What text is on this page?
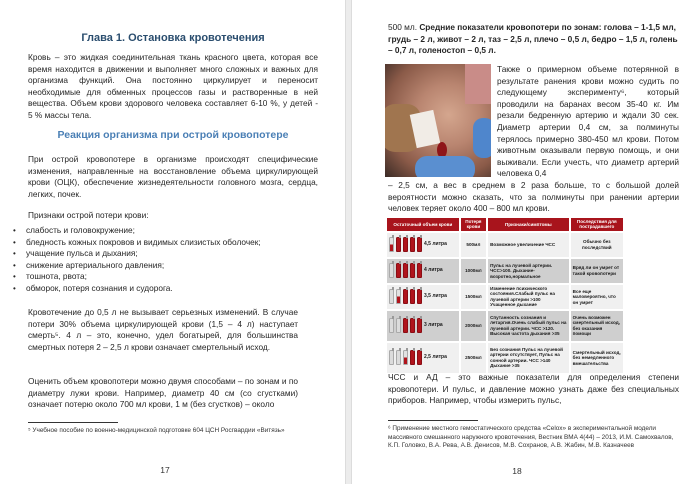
Глава 1. Остановка кровотечения
Кровь – это жидкая соединительная ткань красного цвета, которая все время находится в движении и выполняет много сложных и важных для организма функций. Она постоянно циркулирует и переносит необходимые для обменных процессов газы и растворенные в ней вещества. Объем крови здорового человека составляет 6-10 %, у детей - 5 % массы тела.
Реакция организма при острой кровопотере
При острой кровопотере в организме происходят специфические изменения, направленные на восстановление объема циркулирующей крови (ОЦК), обеспечение жизнедеятельности головного мозга, сердца, легких, почек.
Признаки острой потери крови:
• слабость и головокружение;
• бледность кожных покровов и видимых слизистых оболочек;
• учащение пульса и дыхания;
• снижение артериального давления;
• тошнота, рвота;
• обморок, потеря сознания и судорога.
Кровотечение до 0,5 л не вызывает серьезных изменений. В случае потери 30% объема циркулирующей крови (1,5 – 4 л) наступает смерть⁵. 4 л – это, конечно, удел богатырей, для большинства смертных потеря 2 – 2,5 л крови означает смертельный исход.
Оценить объем кровопотери можно двумя способами – по зонам и по диаметру лужи крови. Например, диаметр 40 см (со сгустками) означает потерю около 700 мл крови, 1 м (без сгустков) – около
⁵ Учебное пособие по военно-медицинской подготовке 604 ЦСН Росгвардии «Витязь»
17
500 мл. Средние показатели кровопотери по зонам: голова – 1-1,5 мл, грудь – 2 л, живот – 2 л, таз – 2,5 л, плечо – 0,5 л, бедро – 1,5 л, голень – 0,7 л, голеностоп – 0,5 л.
Также о примерном объеме потерянной в результате ранения крови можно судить по следующему эксперименту⁶, который проводили на баранах весом 35-40 кг. Им резали бедренную артерию и ждали 30 сек. Диаметр артерии 0,4 см, за полминуты терялось примерно 380-450 мл крови. Потом животным оказывали первую помощь, и они выживали. Если учесть, что диаметр артерий человека 0,4
– 2,5 см, а вес в среднем в 2 раза больше, то с большой долей вероятности можно сказать, что за полминуты при ранении артерии человек теряет около 400 – 800 мл крови.
Остаточный объем крови	Потеря крови	Признаки/симптомы	Последствия для пострадавшего

4,5 литра	500мл	Возможное увеличение ЧСС	Обычно без последствий

4 литра	1000мл	Пульс на лучевой артерии. ЧСС>100. Дыхание-возротно,нормальное	Вряд ли он умрет от такой кровопотери

3,5 литра	1500мл	Изменение психического состояния.Слабый пульс на лучевой артерии >100 Учащенное дыхание	Все еще маловероятно, что он умрет

3 литра	2000мл	Спутанность сознания и летаргия.Очень слабый пульс на лучевой артерии. ЧСС >120. Высокая частота дыхания >35	Очень возможен смертельный исход, без оказания помощи

2,5 литра	2500мл	Без сознания Пульс на лучевой артерии отсутствует, Пульс на сонной артерии. ЧСС >140 Дыхание >35	Смертельный исход, без немедленного вмешательства
ЧСС и АД – это важные показатели для определения степени кровопотери. И пульс, и давление можно узнать даже без специальных приборов. Например, чтобы измерить пульс,
⁶ Применение местного гемостатического средства «Celox» в экспериментальной модели массивного смешанного наружного кровотечения, Вестник ВМА 4(44) – 2013, И.М. Самохвалов, К.П. Головко, В.А. Рева, А.В. Денисов, М.В. Сохранов, А.В. Жабин, М.В. Казначеев
18
